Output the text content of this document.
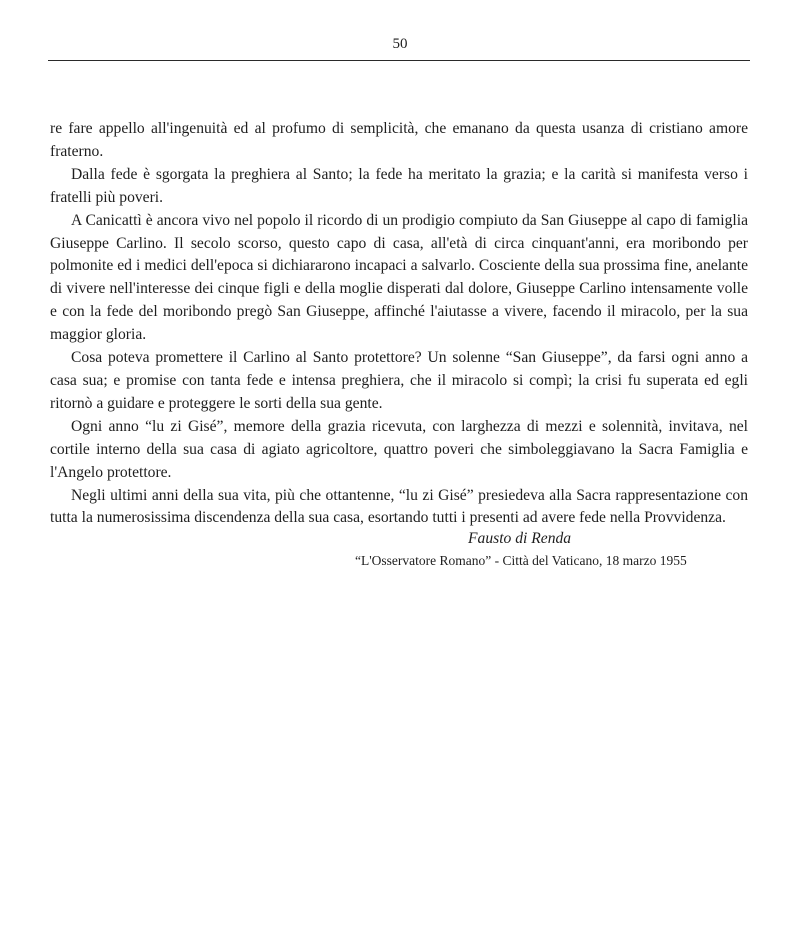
50

re fare appello all'ingenuità ed al profumo di semplicità, che emanano da questa usanza di cristiano amore fraterno.

Dalla fede è sgorgata la preghiera al Santo; la fede ha meritato la grazia; e la carità si manifesta verso i fratelli più poveri.

A Canicattì è ancora vivo nel popolo il ricordo di un prodigio compiuto da San Giuseppe al capo di famiglia Giuseppe Carlino. Il secolo scorso, questo capo di casa, all'età di circa cinquant'anni, era moribondo per polmonite ed i medici dell'epoca si dichiararono incapaci a salvarlo. Cosciente della sua prossima fine, anelante di vivere nell'interesse dei cinque figli e della moglie disperati dal dolore, Giuseppe Carlino intensamente volle e con la fede del moribondo pregò San Giuseppe, affinché l'aiutasse a vivere, facendo il miracolo, per la sua maggior gloria.

Cosa poteva promettere il Carlino al Santo protettore? Un solenne “San Giuseppe”, da farsi ogni anno a casa sua; e promise con tanta fede e intensa preghiera, che il miracolo si compì; la crisi fu superata ed egli ritornò a guidare e proteggere le sorti della sua gente.

Ogni anno “lu zi Gisé”, memore della grazia ricevuta, con larghezza di mezzi e solennità, invitava, nel cortile interno della sua casa di agiato agricoltore, quattro poveri che simboleggiavano la Sacra Famiglia e l'Angelo protettore.

Negli ultimi anni della sua vita, più che ottantenne, “lu zi Gisé” presiedeva alla Sacra rappresentazione con tutta la numerosissima discendenza della sua casa, esortando tutti i presenti ad avere fede nella Provvidenza.

Fausto di Renda
“L'Osservatore Romano” - Città del Vaticano, 18 marzo 1955
